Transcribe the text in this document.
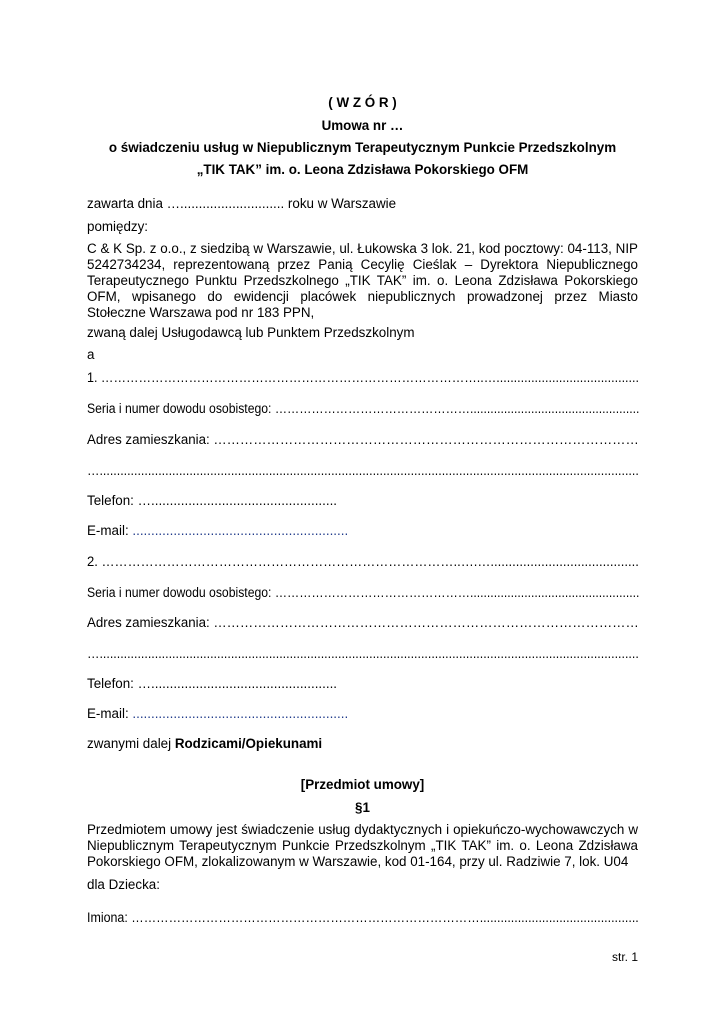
( W Z Ó R )
Umowa nr …
o świadczeniu usług w Niepublicznym Terapeutycznym Punkcie Przedszkolnym
„TIK TAK” im. o. Leona Zdzisława Pokorskiego OFM
zawarta dnia …............................ roku w Warszawie
pomiędzy:
C & K Sp. z o.o., z siedzibą w Warszawie, ul. Łukowska 3 lok. 21, kod pocztowy: 04-113, NIP 5242734234, reprezentowaną przez Panią Cecylię Cieślak – Dyrektora Niepublicznego Terapeutycznego Punktu Przedszkolnego „TIK TAK” im. o. Leona Zdzisława Pokorskiego OFM, wpisanego do ewidencji placówek niepublicznych prowadzonej przez Miasto Stołeczne Warszawa pod nr 183 PPN,
zwaną dalej Usługodawcą lub Punktem Przedszkolnym
a
1. ………………………………………………………………………………..….........................................
Seria i numer dowodu osobistego: …………………………………………..................................................
Adres zamieszkania: ……………………………………………………………………………………
…............................................................................................................................................................
Telefon: …..................................................
E-mail: ..........................................................
2. ………………………………………………………………………..….….........................................
Seria i numer dowodu osobistego: …………………………………………..................................................
Adres zamieszkania: ……………………………………………………………………………………
…............................................................................................................................................................
Telefon: …..................................................
E-mail: ..........................................................
zwanymi dalej Rodzicami/Opiekunami
[Przedmiot umowy]
§1
Przedmiotem umowy jest świadczenie usług dydaktycznych i opiekuńczo-wychowawczych w Niepublicznym Terapeutycznym Punkcie Przedszkolnym „TIK TAK” im. o. Leona Zdzisława Pokorskiego OFM, zlokalizowanym w Warszawie, kod 01-164, przy ul. Radziwie 7, lok. U04
dla Dziecka:
Imiona: …………………………………………………………………………..............................................
str. 1
